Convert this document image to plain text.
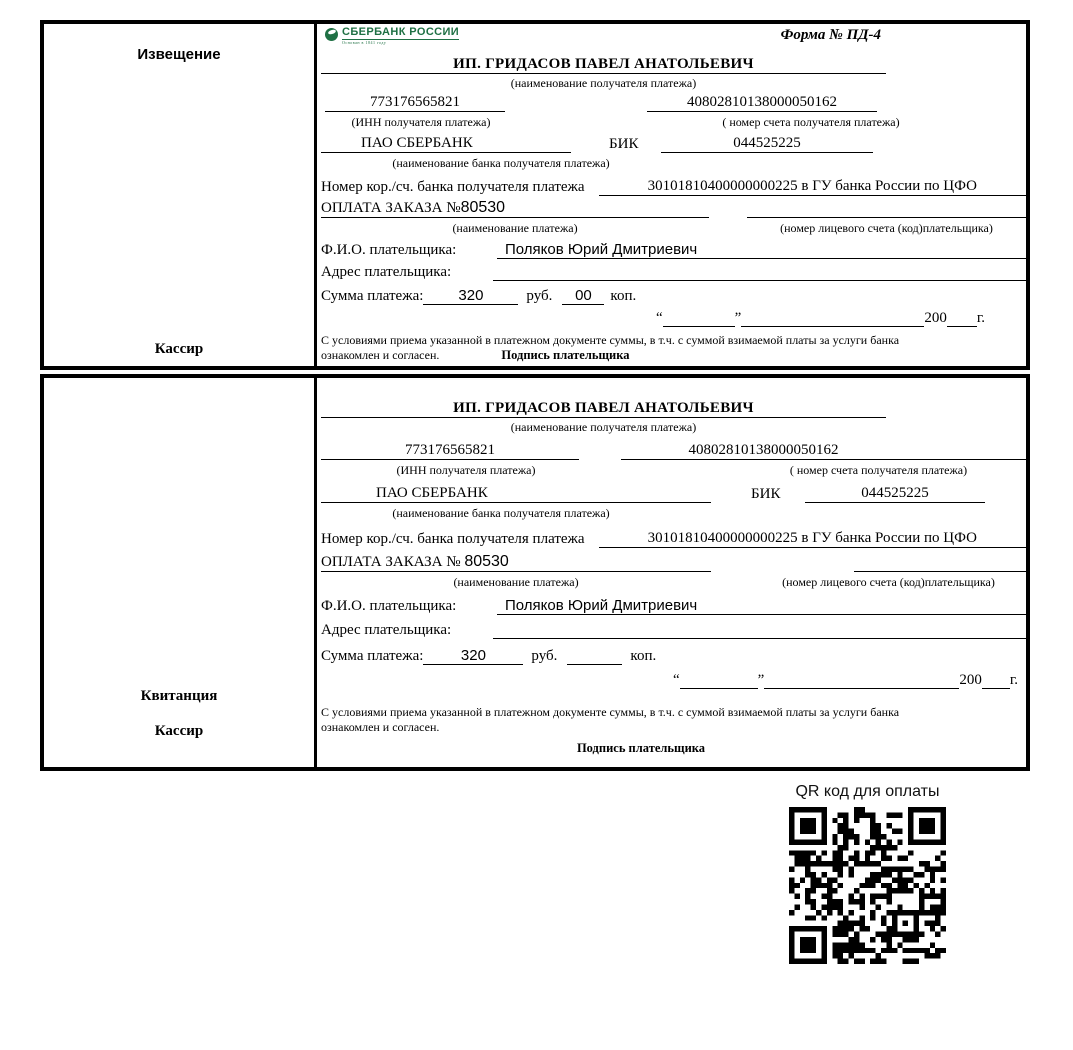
Извещение
Кассир
СБЕРБАНК РОССИИ
Основан в 1841 году	Форма № ПД-4
ИП. ГРИДАСОВ ПАВЕЛ АНАТОЛЬЕВИЧ
(наименование получателя платежа)
773176565821	40802810138000050162
(ИНН получателя платежа)	( номер счета получателя платежа)
ПАО СБЕРБАНК	БИК	044525225
(наименование банка получателя платежа)
Номер кор./сч. банка получателя платежа	30101810400000000225 в ГУ банка России по ЦФО
ОПЛАТА ЗАКАЗА №80530
(наименование платежа)	(номер лицевого счета (код)плательщика)
Ф.И.О. плательщика:	Поляков Юрий Дмитриевич
Адрес плательщика:
Сумма платежа:	320	руб.	00	коп.
“	”	200 г.
С условиями приема указанной в платежном документе суммы, в т.ч. с суммой взимаемой платы за услуги банка
ознакомлен и согласен.	Подпись плательщика
Квитанция
Кассир
ИП. ГРИДАСОВ ПАВЕЛ АНАТОЛЬЕВИЧ
(наименование получателя платежа)
773176565821	40802810138000050162
(ИНН получателя платежа)	( номер счета получателя платежа)
ПАО СБЕРБАНК	БИК	044525225
(наименование банка получателя платежа)
Номер кор./сч. банка получателя платежа	30101810400000000225 в ГУ банка России по ЦФО
ОПЛАТА ЗАКАЗА № 80530
(наименование платежа)	(номер лицевого счета (код)плательщика)
Ф.И.О. плательщика:	Поляков Юрий Дмитриевич
Адрес плательщика:
Сумма платежа:	320	руб.	коп.
“	”	200 г.
С условиями приема указанной в платежном документе суммы, в т.ч. с суммой взимаемой платы за услуги банка
ознакомлен и согласен.
Подпись плательщика
QR код для оплаты
